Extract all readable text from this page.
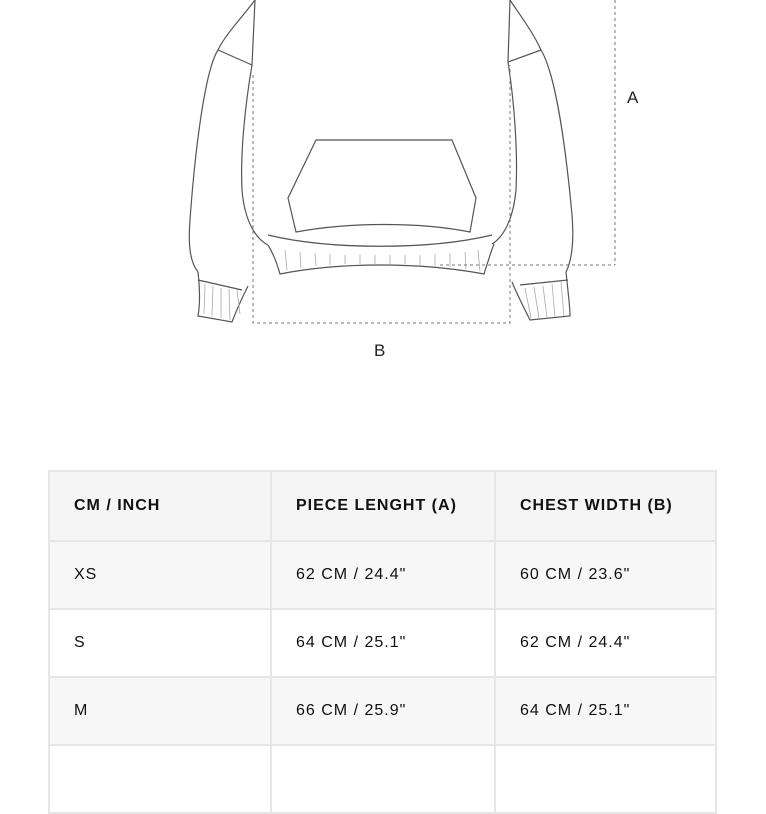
A
B
CM / INCH	PIECE LENGHT (A)	CHEST WIDTH (B)
XS	62 CM / 24.4"	60 CM / 23.6"
S	64 CM / 25.1"	62 CM / 24.4"
M	66 CM / 25.9"	64 CM / 25.1"
